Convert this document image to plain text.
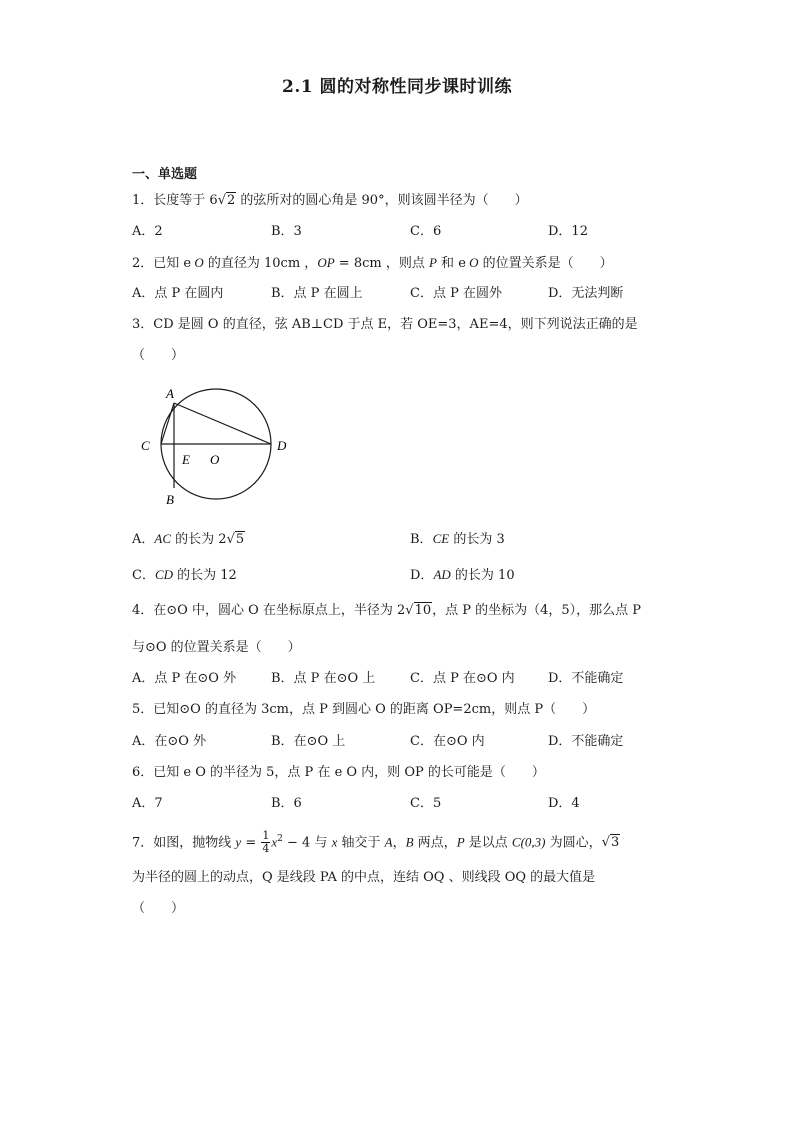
2.1 圆的对称性同步课时训练
一、单选题
1．长度等于 6√2 的弦所对的圆心角是 90°，则该圆半径为（　　）
A．2	B．3	C．6	D．12
2．已知 e O 的直径为 10cm ，OP = 8cm ，则点 P 和 e O 的位置关系是（　　）
A．点 P 在圆内	B．点 P 在圆上	C．点 P 在圆外	D．无法判断
3．CD 是圆 O 的直径，弦 AB⊥CD 于点 E，若 OE=3，AE=4，则下列说法正确的是
（　　）
A
B
C	D
E O
A．AC 的长为 2√5	B．CE 的长为 3
C．CD 的长为 12	D．AD 的长为 10
4．在⊙O 中，圆心 O 在坐标原点上，半径为 2√10，点 P 的坐标为（4，5），那么点 P
与⊙O 的位置关系是（　　）
A．点 P 在⊙O 外	B．点 P 在⊙O 上	C．点 P 在⊙O 内	D．不能确定
5．已知⊙O 的直径为 3cm，点 P 到圆心 O 的距离 OP=2cm，则点 P（　　）
A．在⊙O 外	B．在⊙O 上	C．在⊙O 内	D．不能确定
6．已知 e O 的半径为 5，点 P 在 e O 内，则 OP 的长可能是（　　）
A．7	B．6	C．5	D．4
7．如图，抛物线 $y = \frac{1}{4} x^2 - 4$ 与 x 轴交于 A，B 两点，P 是以点 C(0,3) 为圆心，√3
为半径的圆上的动点，Q 是线段 PA 的中点，连结 OQ 、则线段 OQ 的最大值是
（　　）
